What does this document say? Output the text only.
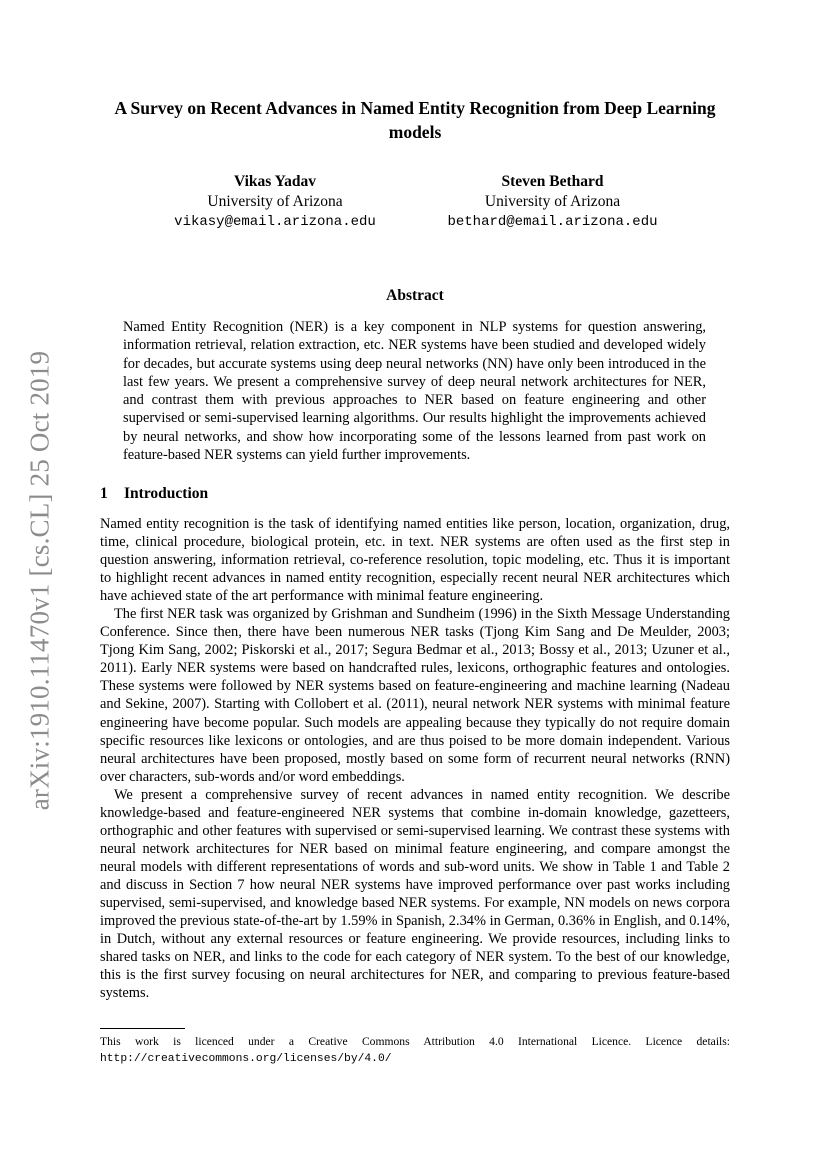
arXiv:1910.11470v1 [cs.CL] 25 Oct 2019
A Survey on Recent Advances in Named Entity Recognition from Deep Learning models
Vikas Yadav
University of Arizona
vikasy@email.arizona.edu
Steven Bethard
University of Arizona
bethard@email.arizona.edu
Abstract

Named Entity Recognition (NER) is a key component in NLP systems for question answering, information retrieval, relation extraction, etc. NER systems have been studied and developed widely for decades, but accurate systems using deep neural networks (NN) have only been introduced in the last few years. We present a comprehensive survey of deep neural network architectures for NER, and contrast them with previous approaches to NER based on feature engineering and other supervised or semi-supervised learning algorithms. Our results highlight the improvements achieved by neural networks, and show how incorporating some of the lessons learned from past work on feature-based NER systems can yield further improvements.

1 Introduction

Named entity recognition is the task of identifying named entities like person, location, organization, drug, time, clinical procedure, biological protein, etc. in text. NER systems are often used as the first step in question answering, information retrieval, co-reference resolution, topic modeling, etc. Thus it is important to highlight recent advances in named entity recognition, especially recent neural NER architectures which have achieved state of the art performance with minimal feature engineering.

The first NER task was organized by Grishman and Sundheim (1996) in the Sixth Message Understanding Conference. Since then, there have been numerous NER tasks (Tjong Kim Sang and De Meulder, 2003; Tjong Kim Sang, 2002; Piskorski et al., 2017; Segura Bedmar et al., 2013; Bossy et al., 2013; Uzuner et al., 2011). Early NER systems were based on handcrafted rules, lexicons, orthographic features and ontologies. These systems were followed by NER systems based on feature-engineering and machine learning (Nadeau and Sekine, 2007). Starting with Collobert et al. (2011), neural network NER systems with minimal feature engineering have become popular. Such models are appealing because they typically do not require domain specific resources like lexicons or ontologies, and are thus poised to be more domain independent. Various neural architectures have been proposed, mostly based on some form of recurrent neural networks (RNN) over characters, sub-words and/or word embeddings.

We present a comprehensive survey of recent advances in named entity recognition. We describe knowledge-based and feature-engineered NER systems that combine in-domain knowledge, gazetteers, orthographic and other features with supervised or semi-supervised learning. We contrast these systems with neural network architectures for NER based on minimal feature engineering, and compare amongst the neural models with different representations of words and sub-word units. We show in Table 1 and Table 2 and discuss in Section 7 how neural NER systems have improved performance over past works including supervised, semi-supervised, and knowledge based NER systems. For example, NN models on news corpora improved the previous state-of-the-art by 1.59% in Spanish, 2.34% in German, 0.36% in English, and 0.14%, in Dutch, without any external resources or feature engineering. We provide resources, including links to shared tasks on NER, and links to the code for each category of NER system. To the best of our knowledge, this is the first survey focusing on neural architectures for NER, and comparing to previous feature-based systems.

This work is licenced under a Creative Commons Attribution 4.0 International Licence. Licence details: http://creativecommons.org/licenses/by/4.0/
